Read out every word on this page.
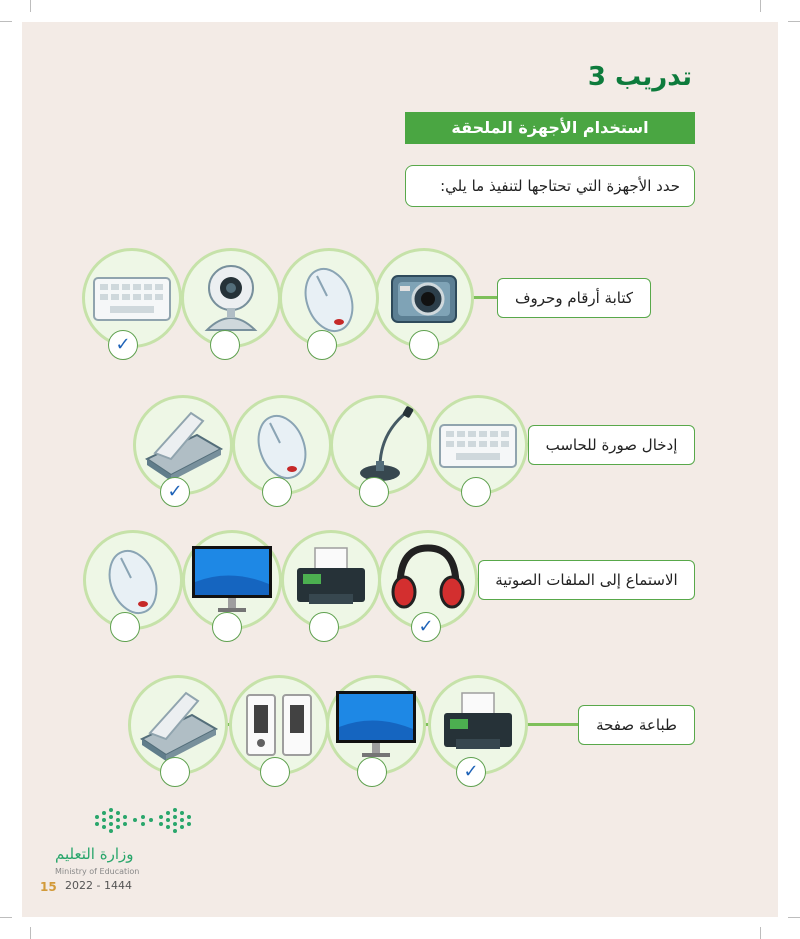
تدريب 3
استخدام الأجهزة الملحقة
حدد الأجهزة التي تحتاجها لتنفيذ ما يلي:
كتابة أرقام وحروف
✓
إدخال صورة للحاسب
✓
الاستماع إلى الملفات الصوتية
✓
طباعة صفحة
✓
وزارة التعليم
Ministry of Education
2022 - 1444
15
